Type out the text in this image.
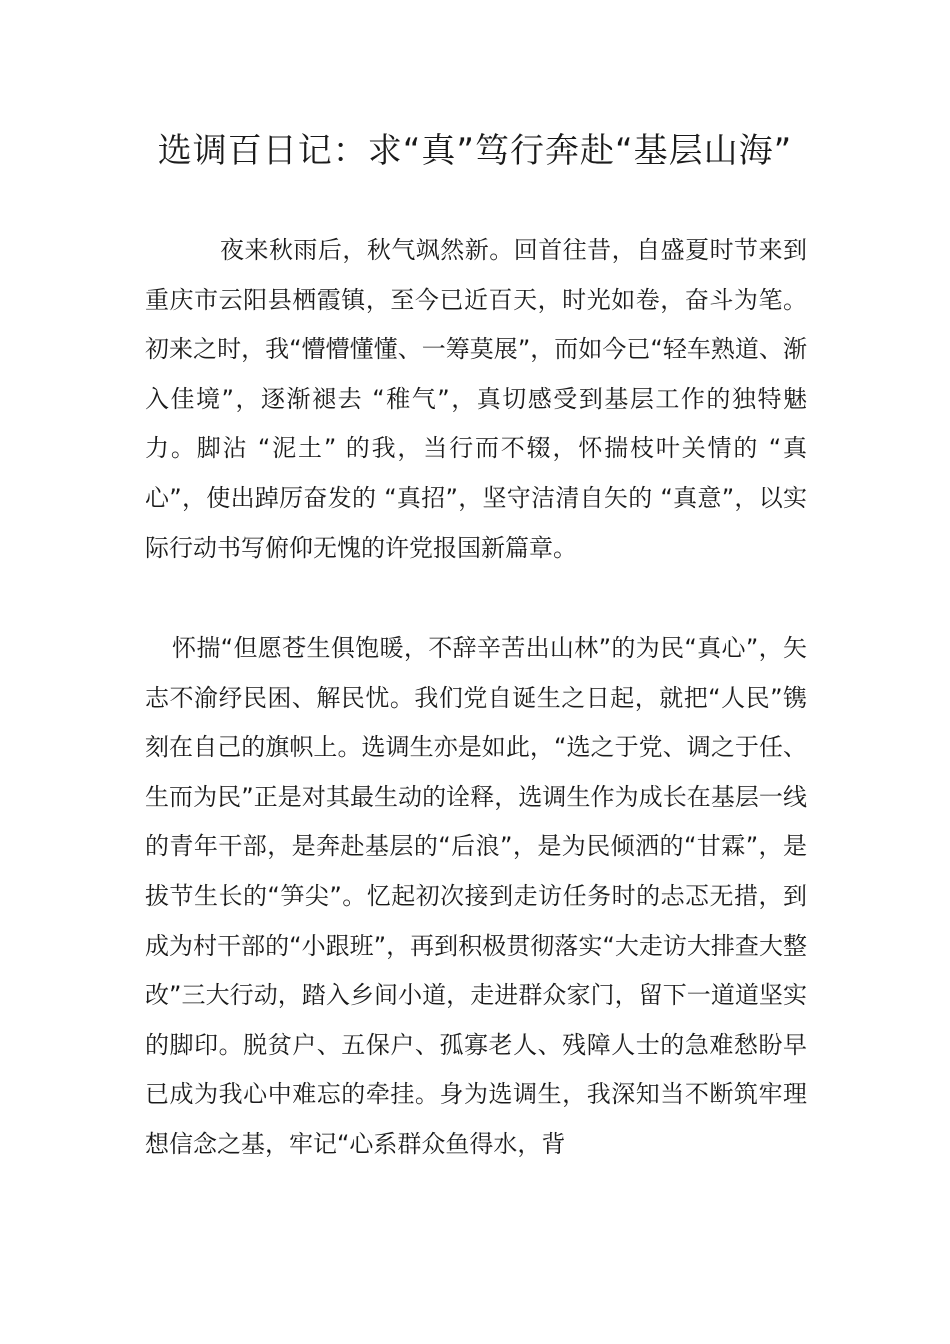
选调百日记：求“真”笃行奔赴“基层山海”

夜来秋雨后，秋气飒然新。回首往昔，自盛夏时节来到重庆市云阳县栖霞镇，至今已近百天，时光如卷，奋斗为笔。初来之时，我“懵懵懂懂、一筹莫展”，而如今已“轻车熟道、渐入佳境”，逐渐褪去 “稚气”，真切感受到基层工作的独特魅力。脚沾 “泥土” 的我，当行而不辍，怀揣枝叶关情的 “真心”，使出踔厉奋发的 “真招”，坚守洁清自矢的 “真意”，以实际行动书写俯仰无愧的许党报国新篇章。

怀揣“但愿苍生俱饱暖，不辞辛苦出山林”的为民“真心”，矢志不渝纾民困、解民忧。我们党自诞生之日起，就把“人民”镌刻在自己的旗帜上。选调生亦是如此，“选之于党、调之于任、生而为民”正是对其最生动的诠释，选调生作为成长在基层一线的青年干部，是奔赴基层的“后浪”，是为民倾洒的“甘霖”，是拔节生长的“笋尖”。忆起初次接到走访任务时的忐忑无措，到成为村干部的“小跟班”，再到积极贯彻落实“大走访大排查大整改”三大行动，踏入乡间小道，走进群众家门，留下一道道坚实的脚印。脱贫户、五保户、孤寡老人、残障人士的急难愁盼早已成为我心中难忘的牵挂。身为选调生，我深知当不断筑牢理想信念之基，牢记“心系群众鱼得水，背
